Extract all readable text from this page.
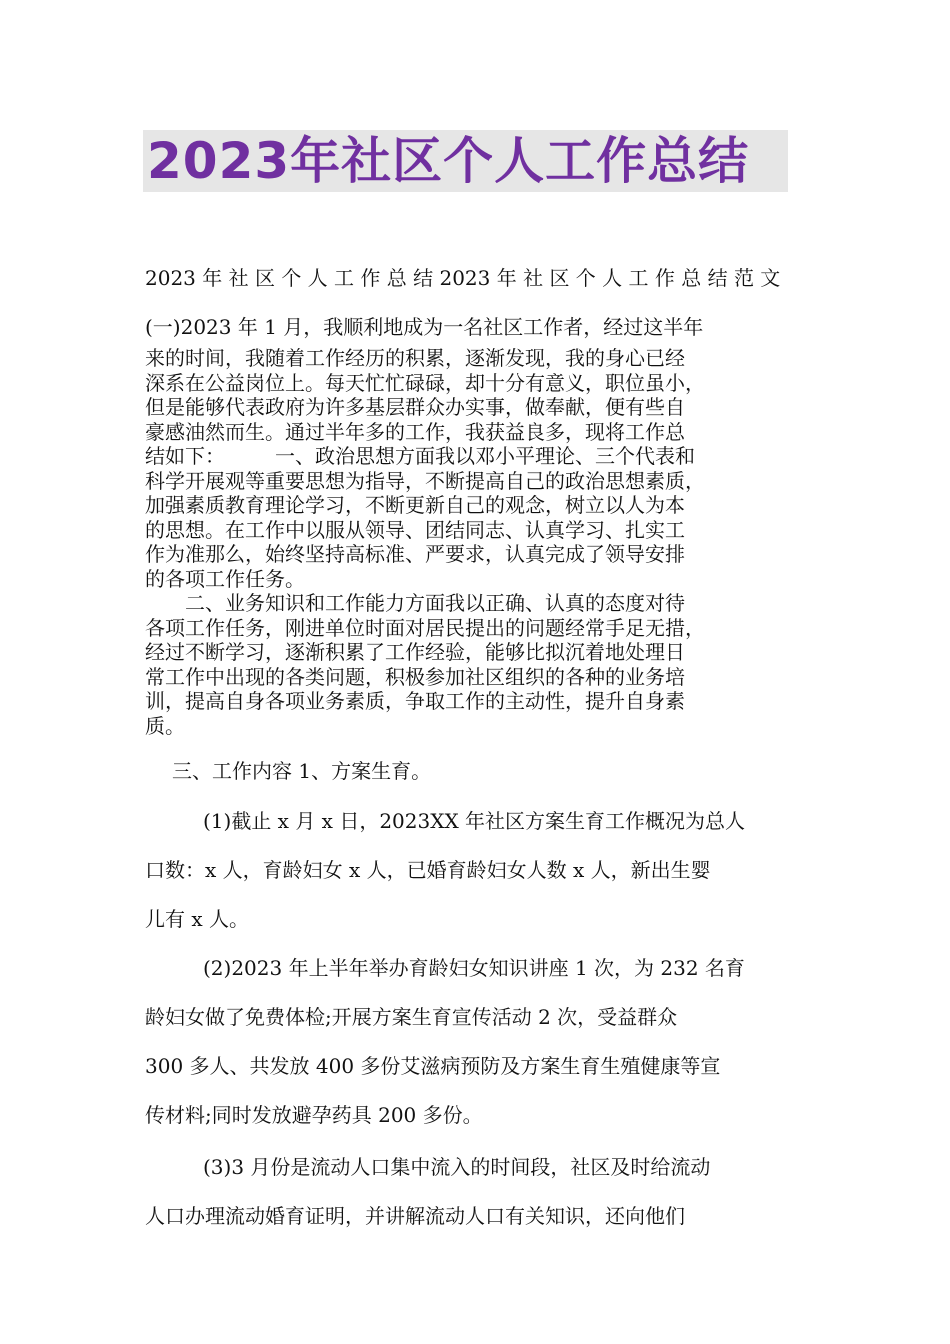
2023年社区个人工作总结
2023 年 社 区 个 人 工 作 总 结 2023 年 社 区 个 人 工 作 总 结 范 文
(一)2023 年 1 月，我顺利地成为一名社区工作者，经过这半年
来的时间，我随着工作经历的积累，逐渐发现，我的身心已经
深系在公益岗位上。每天忙忙碌碌，却十分有意义，职位虽小，
但是能够代表政府为许多基层群众办实事，做奉献，便有些自
豪感油然而生。通过半年多的工作，我获益良多，现将工作总
结如下：　　　一、政治思想方面我以邓小平理论、三个代表和
科学开展观等重要思想为指导，不断提高自己的政治思想素质，
加强素质教育理论学习，不断更新自己的观念，树立以人为本
的思想。在工作中以服从领导、团结同志、认真学习、扎实工
作为准那么，始终坚持高标准、严要求，认真完成了领导安排
的各项工作任务。
　　二、业务知识和工作能力方面我以正确、认真的态度对待
各项工作任务，刚进单位时面对居民提出的问题经常手足无措，
经过不断学习，逐渐积累了工作经验，能够比拟沉着地处理日
常工作中出现的各类问题，积极参加社区组织的各种的业务培
训，提高自身各项业务素质，争取工作的主动性，提升自身素
质。
三、工作内容 1、方案生育。
(1)截止 x 月 x 日，2023XX 年社区方案生育工作概况为总人
口数：x 人，育龄妇女 x 人，已婚育龄妇女人数 x 人，新出生婴
儿有 x 人。
(2)2023 年上半年举办育龄妇女知识讲座 1 次，为 232 名育
龄妇女做了免费体检;开展方案生育宣传活动 2 次，受益群众
300 多人、共发放 400 多份艾滋病预防及方案生育生殖健康等宣
传材料;同时发放避孕药具 200 多份。
(3)3 月份是流动人口集中流入的时间段，社区及时给流动
人口办理流动婚育证明，并讲解流动人口有关知识，还向他们
